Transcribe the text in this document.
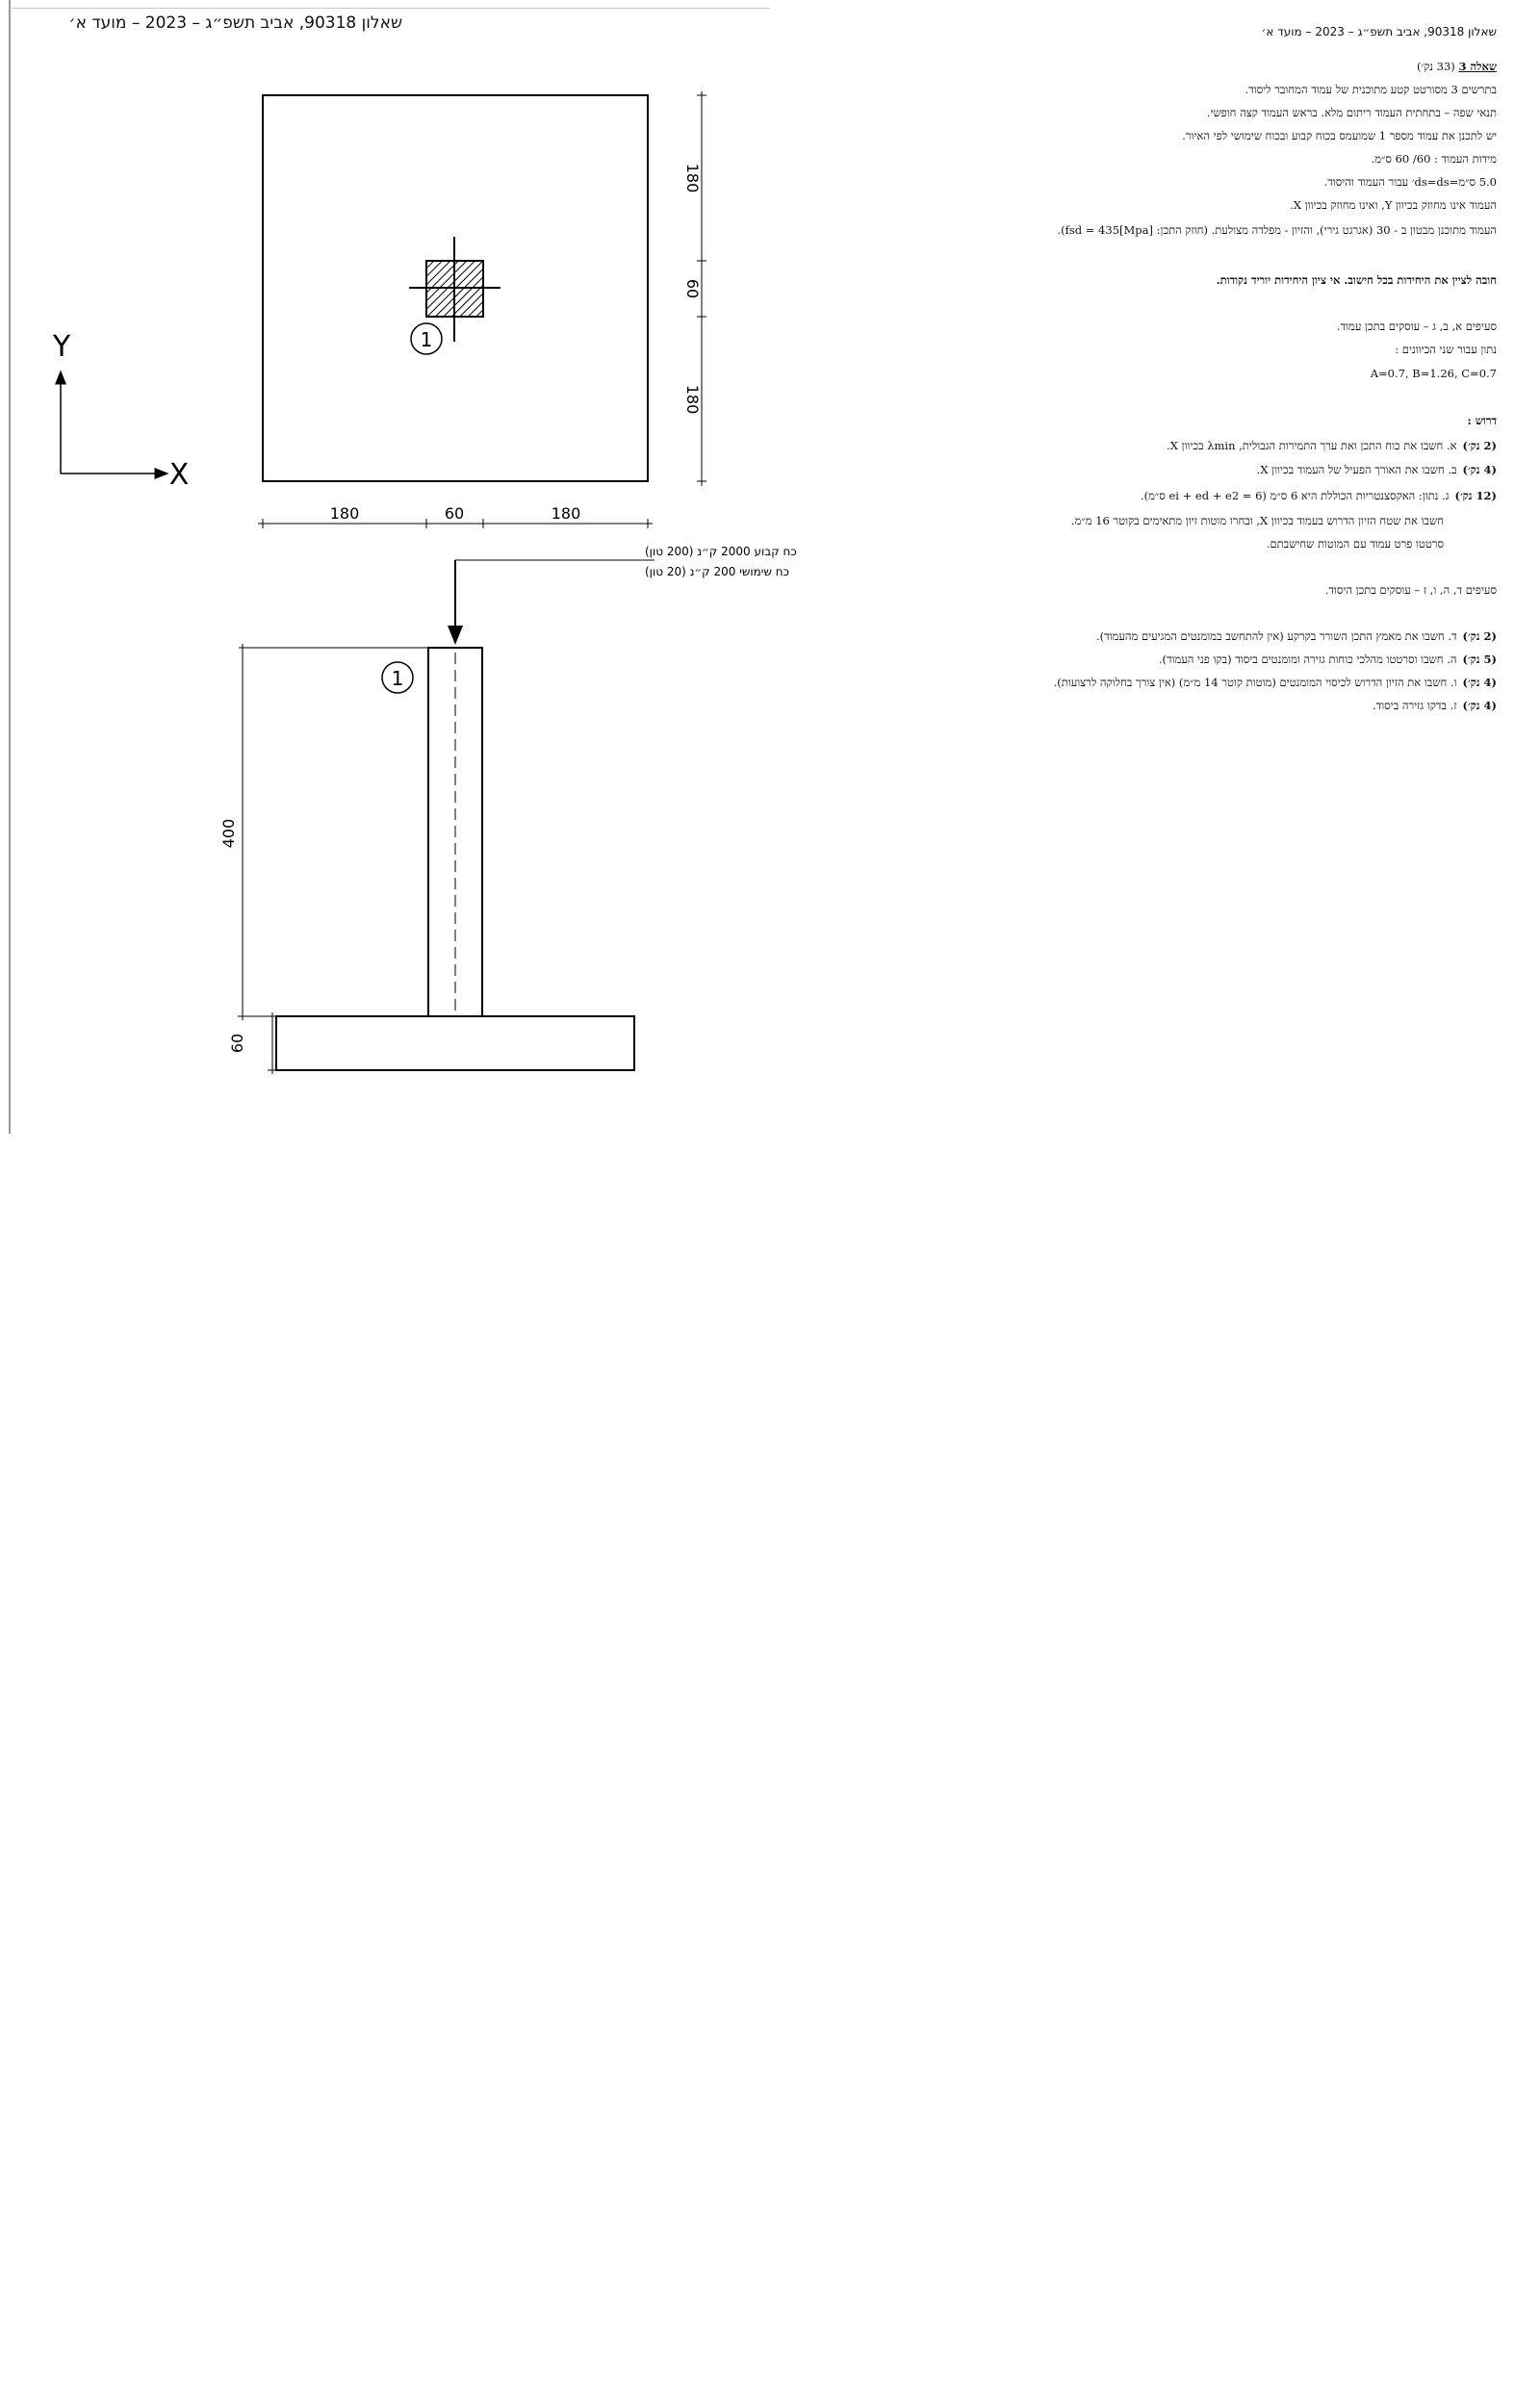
שאלון 90318, אביב תשפ״ג – 2023 – מועד א׳
1
180
60
180
180	60	180
Y
X
כח קבוע 2000 ק״נ (200 טון)
כח שימושי 200 ק״נ (20 טון)
1
400
60
שאלון 90318, אביב תשפ״ג – 2023 – מועד א׳
שאלה 3 (33 נק׳)
בתרשים 3 מסורטט קטע מתוכנית של עמוד המחובר ליסוד.
תנאי שפה – בתחתית העמוד ריתום מלא. בראש העמוד קצה חופשי.
יש לתכנן את עמוד מספר 1 שמועמס בכוח קבוע ובכוח שימושי לפי האיור.
מידות העמוד : 60/ 60 ס״מ.
5.0 ס״מ=ds=ds׳ עבור העמוד והיסוד.
העמוד אינו מחוזק בכיוון Y, ואינו מחוזק בכיוון X.
העמוד מתוכנן מבטון ב - 30 (אגרגט גירי), והזיון - מפלדה מצולעת. (חוזק התכן: fsd = 435[Mpa]).
חובה לציין את היחידות בכל חישוב. אי ציון היחידות יוריד נקודות.
סעיפים א, ב, ג – עוסקים בתכן עמוד.
נתון עבור שני הכיוונים :
A=0.7, B=1.26, C=0.7
דרוש :
(2 נק׳)א. חשבו את כוח התכן ואת ערך התמירות הגבולית, λmin בכיוון X.
(4 נק׳)ב. חשבו את האורך הפעיל של העמוד בכיוון X.
(12 נק׳)ג. נתון: האקסצנטריות הכוללת היא 6 ס״מ (ei + ed + e2 = 6 ס״מ).
חשבו את שטח הזיון הדרוש בעמוד בכיוון X, ובחרו מוטות זיון מתאימים בקוטר 16 מ״מ.
סרטטו פרט עמוד עם המוטות שחישבתם.
סעיפים ד, ה, ו, ז – עוסקים בתכן היסוד.
(2 נק׳)ד. חשבו את מאמץ התכן השורר בקרקע (אין להתחשב במומנטים המגיעים מהעמוד).
(5 נק׳)ה. חשבו וסרטטו מהלכי כוחות גזירה ומומנטים ביסוד (בקו פני העמוד).
(4 נק׳)ו. חשבו את הזיון הדרוש לכיסוי המומנטים (מוטות קוטר 14 מ״מ) (אין צורך בחלוקה לרצועות).
(4 נק׳)ז. בדקו גזירה ביסוד.
